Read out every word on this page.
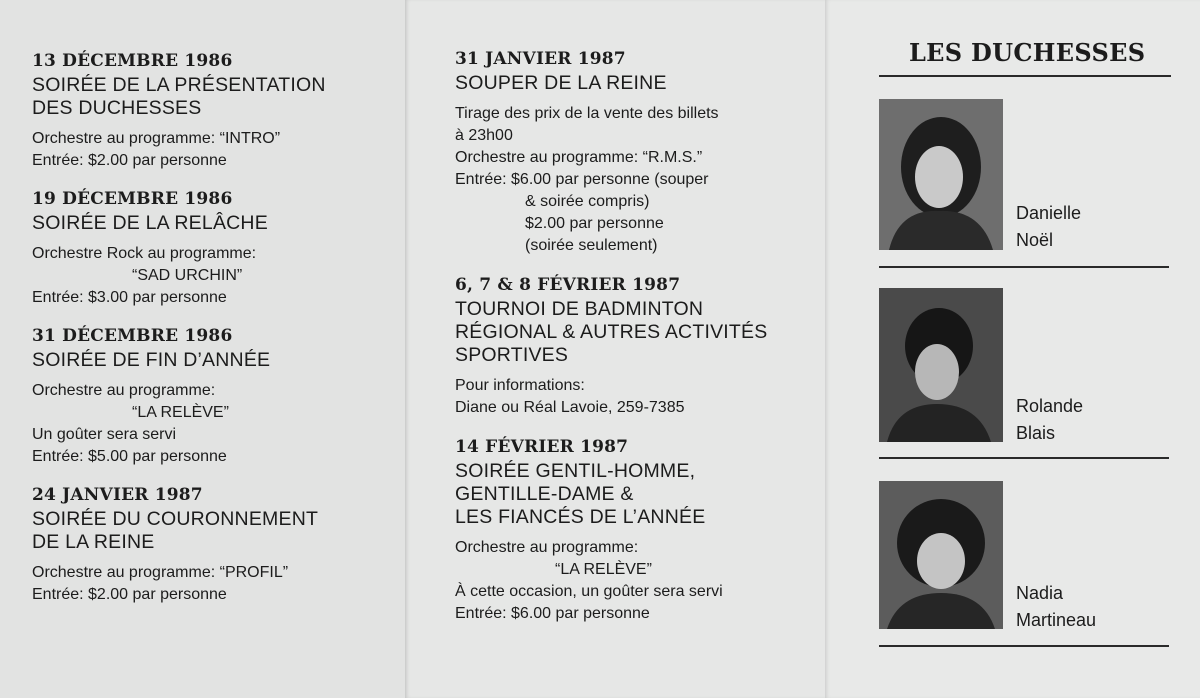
13 DÉCEMBRE 1986
SOIRÉE DE LA PRÉSENTATION
DES DUCHESSES
Orchestre au programme: “INTRO”
Entrée: $2.00 par personne
19 DÉCEMBRE 1986
SOIRÉE DE LA RELÂCHE
Orchestre Rock au programme:
“SAD URCHIN”
Entrée: $3.00 par personne
31 DÉCEMBRE 1986
SOIRÉE DE FIN D’ANNÉE
Orchestre au programme:
“LA RELÈVE”
Un goûter sera servi
Entrée: $5.00 par personne
24 JANVIER 1987
SOIRÉE DU COURONNEMENT
DE LA REINE
Orchestre au programme: “PROFIL”
Entrée: $2.00 par personne
31 JANVIER 1987
SOUPER DE LA REINE
Tirage des prix de la vente des billets
à 23h00
Orchestre au programme: “R.M.S.”
Entrée: $6.00 par personne (souper
& soirée compris)
$2.00 par personne
(soirée seulement)
6, 7 & 8 FÉVRIER 1987
TOURNOI DE BADMINTON
RÉGIONAL & AUTRES ACTIVITÉS
SPORTIVES
Pour informations:
Diane ou Réal Lavoie, 259-7385
14 FÉVRIER 1987
SOIRÉE GENTIL-HOMME,
GENTILLE-DAME &
LES FIANCÉS DE L’ANNÉE
Orchestre au programme:
“LA RELÈVE”
À cette occasion, un goûter sera servi
Entrée: $6.00 par personne
LES DUCHESSES
Danielle
Noël
Rolande
Blais
Nadia
Martineau
